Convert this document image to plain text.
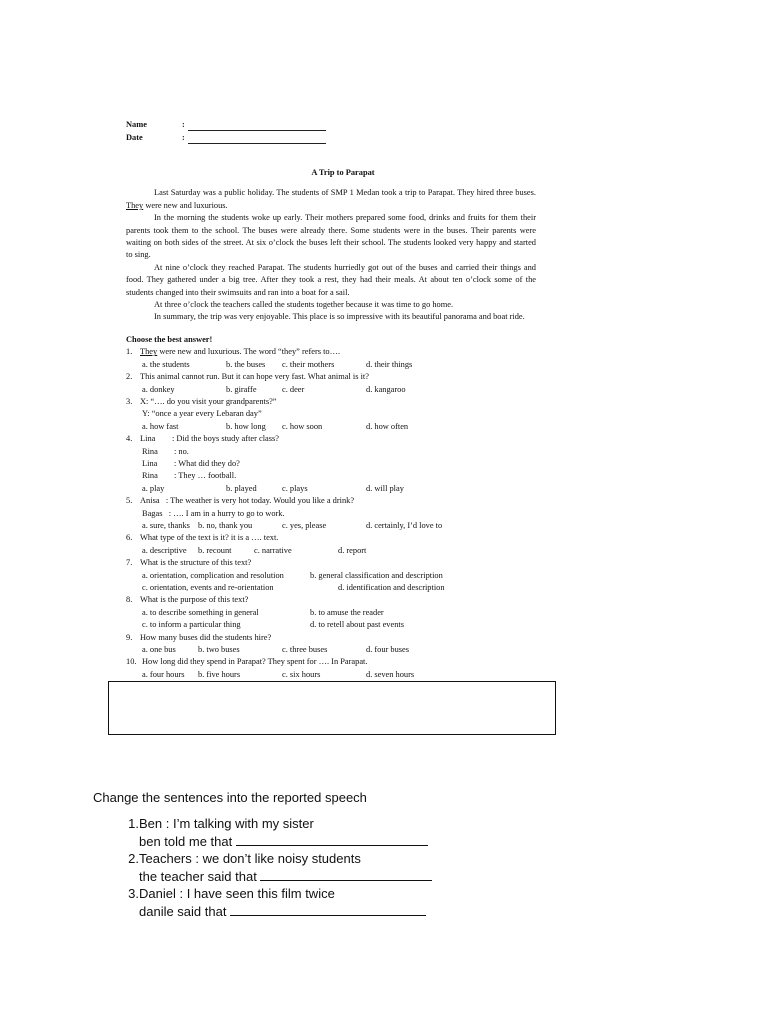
Name	:
Date	:
A Trip to Parapat

Last Saturday was a public holiday. The students of SMP 1 Medan took a trip to Parapat. They hired three buses. They were new and luxurious.

In the morning the students woke up early. Their mothers prepared some food, drinks and fruits for them their parents took them to the school. The buses were already there. Some students were in the buses. Their parents were waiting on both sides of the street. At six o’clock the buses left their school. The students looked very happy and started to sing.

At nine o’clock they reached Parapat. The students hurriedly got out of the buses and carried their things and food. They gathered under a big tree. After they took a rest, they had their meals. At about ten o’clock some of the students changed into their swimsuits and ran into a boat for a sail.

At three o’clock the teachers called the students together because it was time to go home.

In summary, the trip was very enjoyable. This place is so impressive with its beautiful panorama and boat ride.

Choose the best answer!
1. They were new and luxurious. The word “they” refers to….
a. the students	b. the buses	c. their mothers	d. their things
2. This animal cannot run. But it can hope very fast. What animal is it?
a. donkey	b. giraffe	c. deer	d. kangaroo
3. X: “…. do you visit your grandparents?”
Y: “once a year every Lebaran day”
a. how fast	b. how long	c. how soon	d. how often
4. Lina	: Did the boys study after class?
Rina	: no.
Lina	: What did they do?
Rina	: They … football.
a. play	b. played	c. plays	d. will play
5. Anisa   : The weather is very hot today. Would you like a drink?
Bagas   : …. I am in a hurry to go to work.
a. sure, thanks b. no, thank you	c. yes, please	d. certainly, I’d love to
6. What type of the text is it? it is a …. text.
a. descriptive	b. recount	c. narrative	d. report
7. What is the structure of this text?
a. orientation, complication and resolution	b. general classification and description
c. orientation, events and re-orientation	d. identification and description
8. What is the purpose of this text?
a. to describe something in general	b. to amuse the reader
c. to inform a particular thing	d. to retell about past events
9. How many buses did the students hire?
a. one bus	b. two buses	c. three buses	d. four buses
10. How long did they spend in Parapat? They spent for …. In Parapat.
a. four hours	b. five hours	c. six hours	d. seven hours
Change the sentences into the reported speech
1. Ben : I’m talking with my sister
ben told me that
2. Teachers : we don’t like noisy students
the teacher said that
3. Daniel : I have seen this film twice
danile said that
